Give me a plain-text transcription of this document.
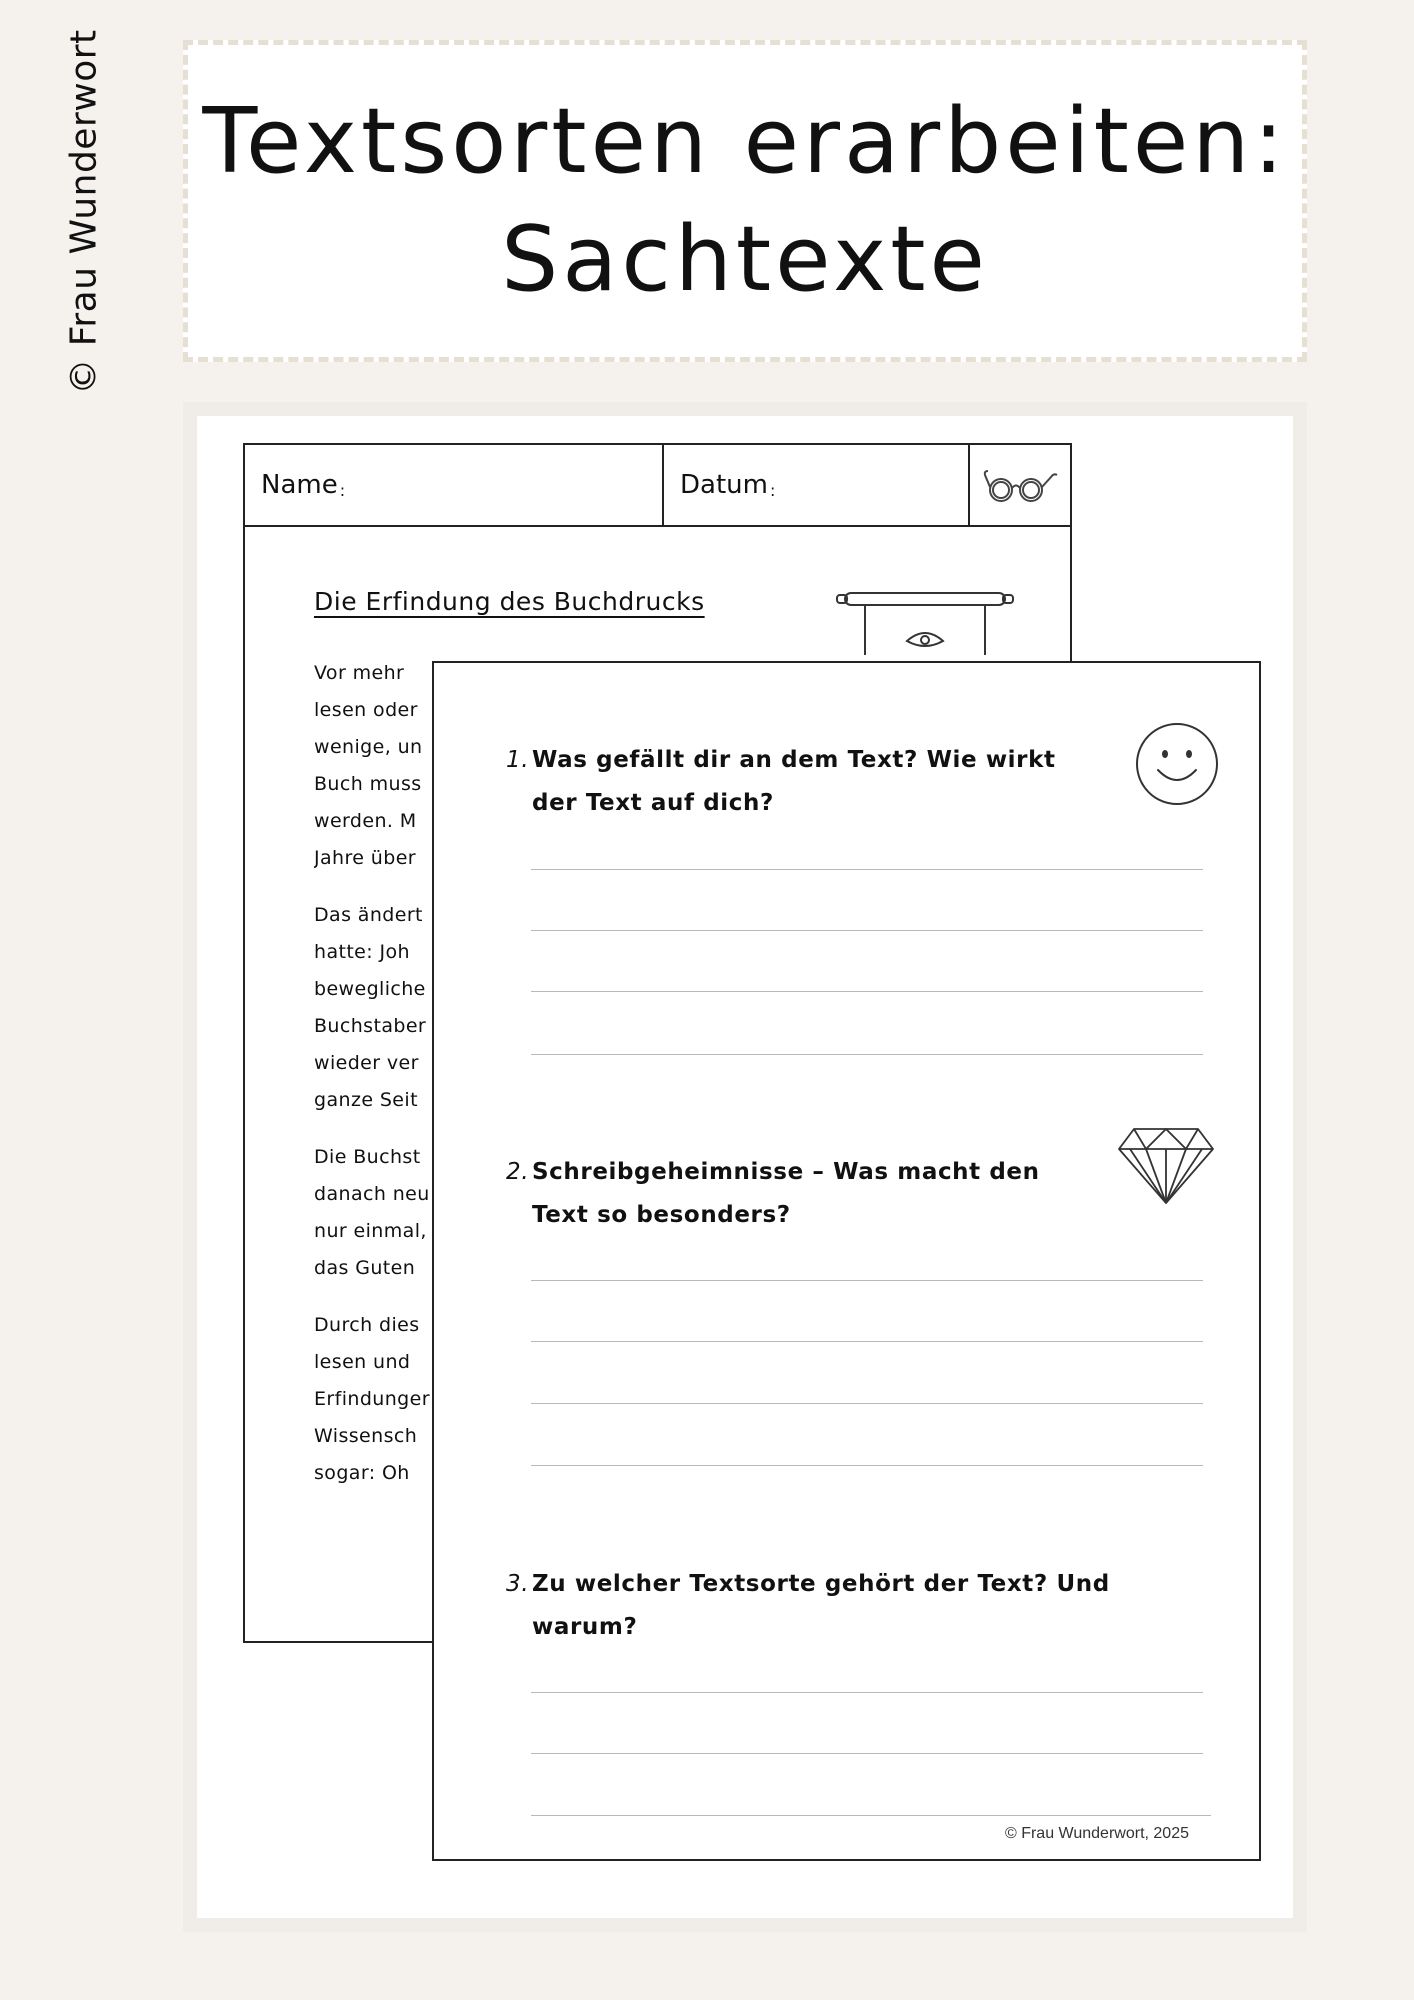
© Frau Wunderwort Textsorten erarbeiten:
Sachtexte
Name :	Datum :
Die Erfindung des Buchdrucks
Vor mehr
lesen oder
wenige, un
Buch muss
werden. M
Jahre über
Das ändert
hatte: Joh
bewegliche
Buchstaber
wieder ver
ganze Seit
Die Buchst
danach neu
nur einmal,
das Guten
Durch dies
lesen und
Erfindunger
Wissensch
sogar: Oh
1. Was gefällt dir an dem Text? Wie wirkt der Text auf dich?
2. Schreibgeheimnisse – Was macht den Text so besonders?
3. Zu welcher Textsorte gehört der Text? Und warum?
© Frau Wunderwort, 2025
